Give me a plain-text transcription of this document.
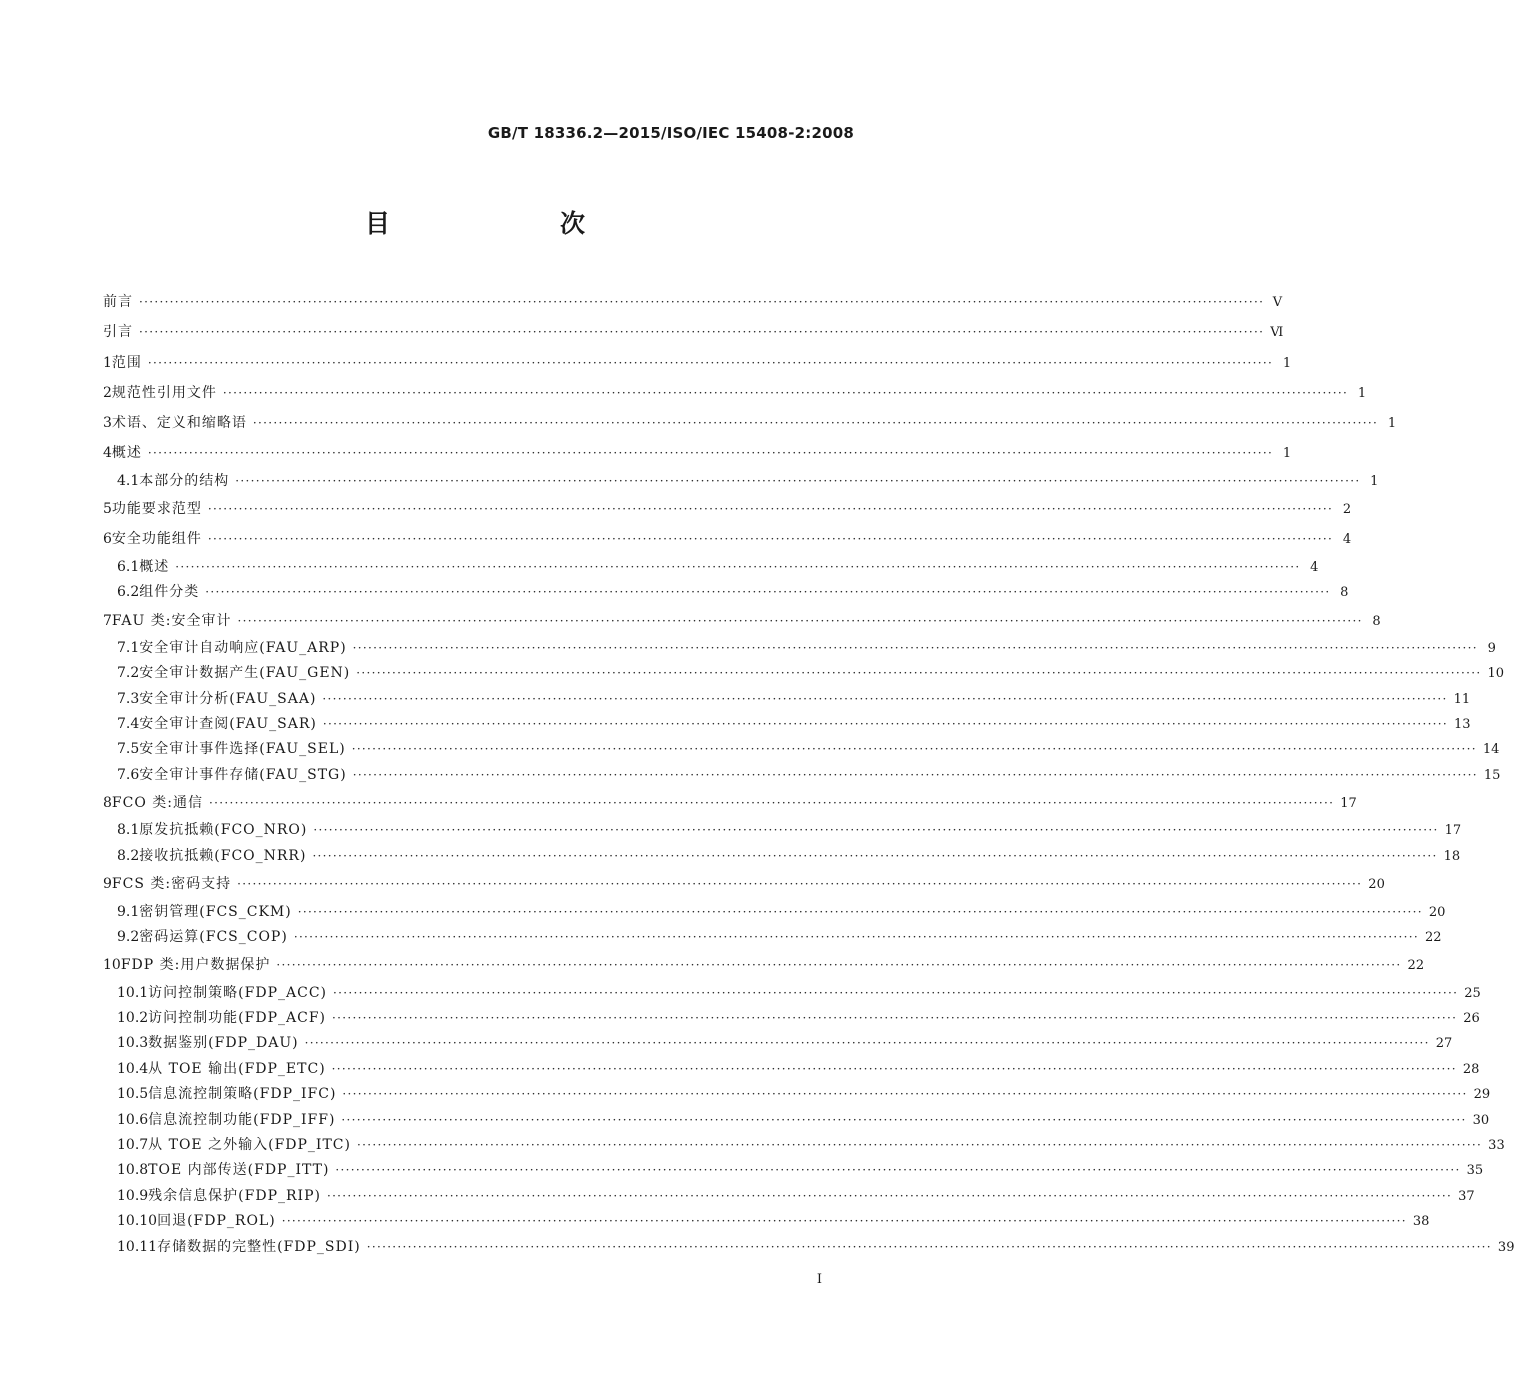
GB/T 18336.2—2015/ISO/IEC 15408-2:2008
目　　次
前言 ···························································································································································································································· Ⅴ
引言 ···························································································································································································································· Ⅵ
1 范围 ···························································································································································································································· 1
2 规范性引用文件 ···························································································································································································································· 1
3 术语、定义和缩略语 ···························································································································································································································· 1
4 概述 ···························································································································································································································· 1
4.1 本部分的结构 ···························································································································································································································· 1
5 功能要求范型 ···························································································································································································································· 2
6 安全功能组件 ···························································································································································································································· 4
6.1 概述 ···························································································································································································································· 4
6.2 组件分类 ···························································································································································································································· 8
7 FAU 类:安全审计 ···························································································································································································································· 8
7.1 安全审计自动响应(FAU_ARP) ···························································································································································································································· 9
7.2 安全审计数据产生(FAU_GEN) ···························································································································································································································· 10
7.3 安全审计分析(FAU_SAA) ···························································································································································································································· 11
7.4 安全审计查阅(FAU_SAR) ···························································································································································································································· 13
7.5 安全审计事件选择(FAU_SEL) ···························································································································································································································· 14
7.6 安全审计事件存储(FAU_STG) ···························································································································································································································· 15
8 FCO 类:通信 ···························································································································································································································· 17
8.1 原发抗抵赖(FCO_NRO) ···························································································································································································································· 17
8.2 接收抗抵赖(FCO_NRR) ···························································································································································································································· 18
9 FCS 类:密码支持 ···························································································································································································································· 20
9.1 密钥管理(FCS_CKM) ···························································································································································································································· 20
9.2 密码运算(FCS_COP) ···························································································································································································································· 22
10 FDP 类:用户数据保护 ···························································································································································································································· 22
10.1 访问控制策略(FDP_ACC) ···························································································································································································································· 25
10.2 访问控制功能(FDP_ACF) ···························································································································································································································· 26
10.3 数据鉴别(FDP_DAU) ···························································································································································································································· 27
10.4 从 TOE 输出(FDP_ETC) ···························································································································································································································· 28
10.5 信息流控制策略(FDP_IFC) ···························································································································································································································· 29
10.6 信息流控制功能(FDP_IFF) ···························································································································································································································· 30
10.7 从 TOE 之外输入(FDP_ITC) ···························································································································································································································· 33
10.8 TOE 内部传送(FDP_ITT) ···························································································································································································································· 35
10.9 残余信息保护(FDP_RIP) ···························································································································································································································· 37
10.10 回退(FDP_ROL) ···························································································································································································································· 38
10.11 存储数据的完整性(FDP_SDI) ···························································································································································································································· 39
Ⅰ
